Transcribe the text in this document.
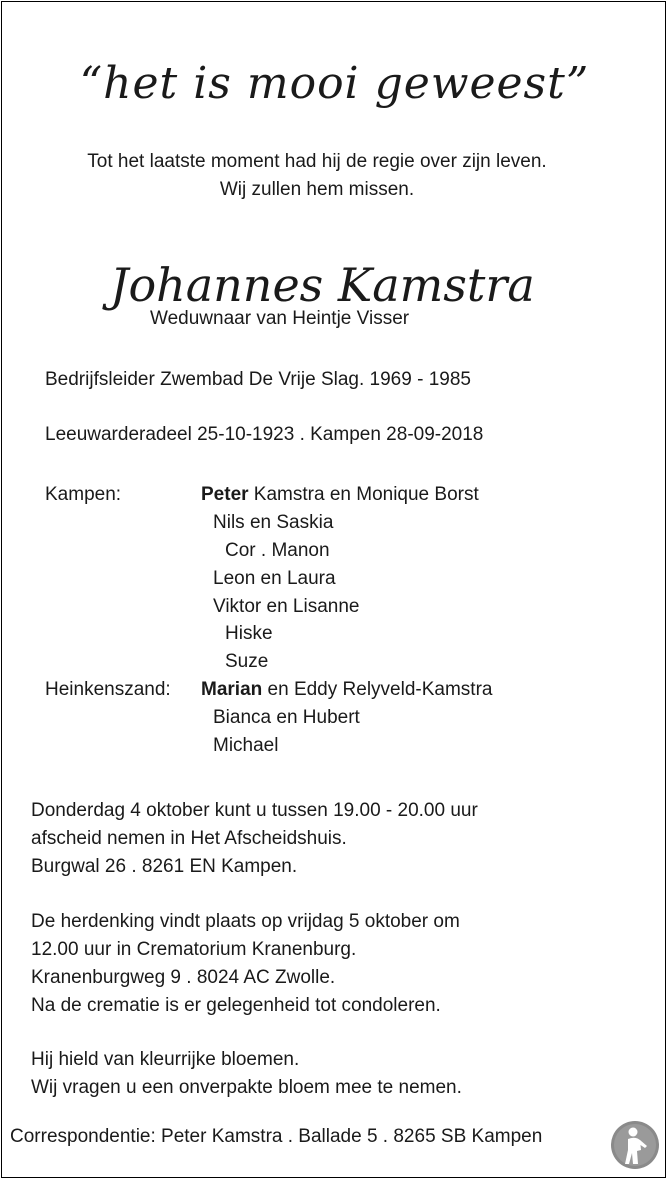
“het is mooi geweest”
Tot het laatste moment had hij de regie over zijn leven.
Wij zullen hem missen.
Johannes Kamstra
Weduwnaar van Heintje Visser
Bedrijfsleider Zwembad De Vrije Slag. 1969 - 1985
Leeuwarderadeel 25-10-1923 . Kampen 28-09-2018
Kampen:	Peter Kamstra en Monique Borst
Nils en Saskia
Cor . Manon
Leon en Laura
Viktor en Lisanne
Hiske
Suze
Heinkenszand: Marian en Eddy Relyveld-Kamstra
Bianca en Hubert
Michael
Donderdag 4 oktober kunt u tussen 19.00 - 20.00 uur
afscheid nemen in Het Afscheidshuis.
Burgwal 26 . 8261 EN Kampen.
De herdenking vindt plaats op vrijdag 5 oktober om
12.00 uur in Crematorium Kranenburg.
Kranenburgweg 9 . 8024 AC Zwolle.
Na de crematie is er gelegenheid tot condoleren.
Hij hield van kleurrijke bloemen.
Wij vragen u een onverpakte bloem mee te nemen.
Correspondentie: Peter Kamstra . Ballade 5 . 8265 SB Kampen
